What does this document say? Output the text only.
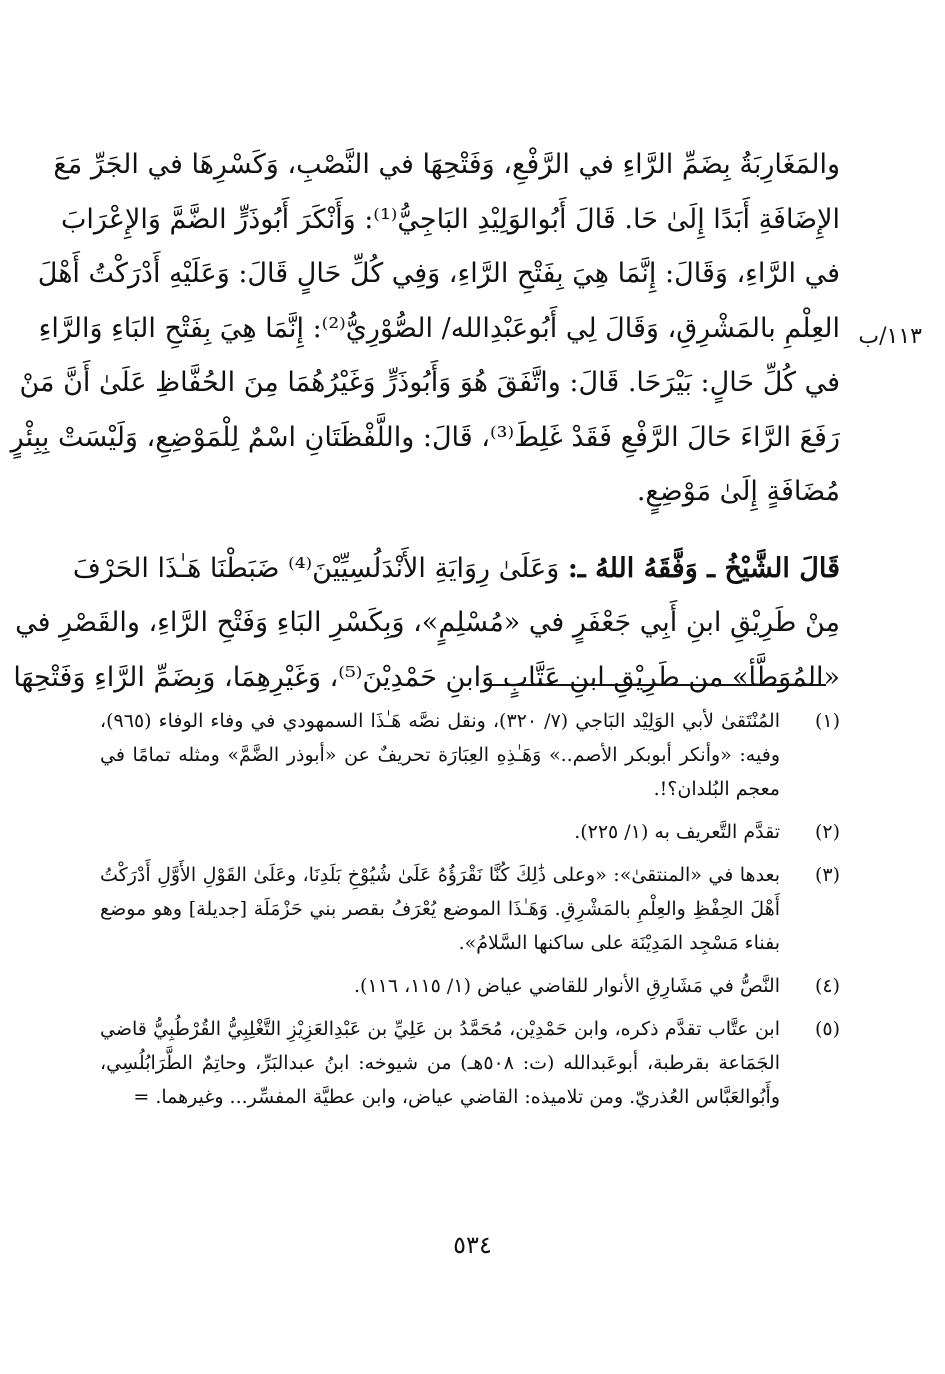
والمَغَارِبَةُ بِضَمِّ الرَّاءِ في الرَّفْعِ، وَفَتْحِهَا في النَّصْبِ، وَكَسْرِهَا في الجَرِّ مَعَ
الإِضَافَةِ أَبَدًا إِلَىٰ حَا. قَالَ أَبُوالوَلِيْدِ البَاجِيُّ⁽¹⁾: وَأَنْكَرَ أَبُوذَرٍّ الضَّمَّ وَالإِعْرَابَ
في الرَّاءِ، وَقَالَ: إِنَّمَا هِيَ بِفَتْحِ الرَّاءِ، وَفِي كُلِّ حَالٍ قَالَ: وَعَلَيْهِ أَدْرَكْتُ أَهْلَ
العِلْمِ بالمَشْرِقِ، وَقَالَ لِي أَبُوعَبْدِالله/ الصُّوْرِيُّ⁽²⁾: إِنَّمَا هِيَ بِفَتْحِ البَاءِ وَالرَّاءِ
في كُلِّ حَالٍ: بَيْرَحَا. قَالَ: واتَّفَقَ هُوَ وَأَبُوذَرٍّ وَغَيْرُهُمَا مِنَ الحُفَّاظِ عَلَىٰ أَنَّ مَنْ
رَفَعَ الرَّاءَ حَالَ الرَّفْعِ فَقَدْ غَلِطَ⁽³⁾، قَالَ: واللَّفْظَتَانِ اسْمٌ لِلْمَوْضِعِ، وَلَيْسَتْ بِبِئْرٍ
مُضَافَةٍ إِلَىٰ مَوْضِعٍ.
قَالَ الشَّيْخُ ـ وَفَّقَهُ اللهُ ـ: وَعَلَىٰ رِوَايَةِ الأَنْدَلُسِيِّيْنَ⁽⁴⁾ ضَبَطْنَا هَـٰذَا الحَرْفَ
مِنْ طَرِيْقِ ابنِ أَبِي جَعْفَرٍ في «مُسْلِمٍ»، وَبِكَسْرِ البَاءِ وَفَتْحِ الرَّاءِ، والقَصْرِ في
«المُوَطَّأ» من طَرِيْقِ ابنِ عَتَّابٍ وَابنِ حَمْدِيْنَ⁽⁵⁾، وَغَيْرِهِمَا، وَبِضَمِّ الرَّاءِ وَفَتْحِهَا
١١٣/ب
(١)
المُنْتَقىٰ لأبي الوَلِيْد البَاجي (٧/ ٣٢٠)، ونقل نصَّه هَـٰذَا السمهودي في وفاء الوفاء (٩٦٥)،
وفيه: «وأنكر أبوبكر الأصم..» وَهَـٰذِهِ العِبَارَة تحريفٌ عن «أبوذر الضَّمَّ» ومثله تمامًا في
معجم البُلدان؟!.
(٢)
تقدَّم التَّعريف به (١/ ٢٢٥).
(٣)
بعدها في «المنتقىٰ»: «وعلى ذَٰلِكَ كُنَّا نَقْرَؤُهُ عَلَىٰ شُيُوْخِ بَلَدِنَا، وعَلَىٰ القَوْلِ الأَوَّلِ أَدْرَكْتُ
أَهْلَ الحِفْظِ والعِلْمِ بالمَشْرِقِ. وَهَـٰذَا الموضع يُعْرَفُ بقصر بني حَزْمَلَة [جديلة] وهو موضع
بفناء مَسْجِد المَدِيْنَة على ساكنها السَّلامُ».
(٤)
النَّصُّ في مَشَارِقِ الأنوار للقاضي عياض (١/ ١١٥، ١١٦).
(٥)
ابن عتَّاب تقدَّم ذكره، وابن حَمْدِيْن، مُحَمَّدُ بن عَلِيِّ بن عَبْدِالعَزِيْزِ التَّغْلِبِيُّ القُرْطُبِيُّ قاضي
الجَمَاعة بقرطبة، أبوعَبدالله (ت: ٥٠٨هـ) من شيوخه: ابنُ عبدالبَرِّ، وحاتِمٌ الطَّرَابُلُسِي،
وأَبُوالعَبَّاس العُذريّ. ومن تلاميذه: القاضي عياض، وابن عطيَّة المفسِّر... وغيرهما. =
٥٣٤
